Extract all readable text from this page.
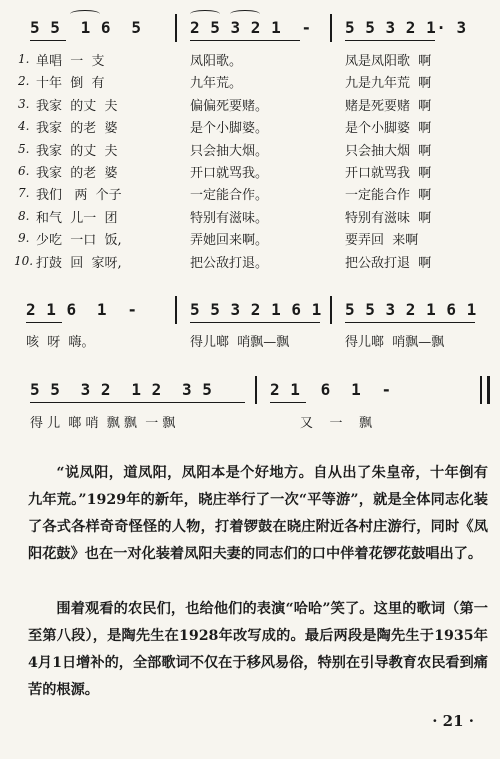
5 5  1 6  5	2 5 3 2 1  - 5 5 3 2 1· 3
1. 单唱  一  支	凤阳歌。	凤是凤阳歌  啊
2. 十年  倒  有	九年荒。	九是九年荒  啊
3. 我家  的丈  夫	偏偏死要赌。	赌是死要赌  啊
4. 我家  的老  婆	是个小脚婆。	是个小脚婆  啊
5. 我家  的丈  夫	只会抽大烟。	只会抽大烟  啊
6. 我家  的老  婆	开口就骂我。	开口就骂我  啊
7. 我们   两  个子	一定能合作。	一定能合作  啊
8. 和气  儿一  团	特别有滋味。	特别有滋味  啊
9. 少吃  一口  饭,	弄她回来啊。	要弄回  来啊
10. 打鼓  回  家呀,	把公敌打退。	把公敌打退  啊
2 1 6  1  -	5 5 3 2 1 6 1 5 5 3 2 1 6 1
咳  呀  嗨。	得儿啷  哨飘—飘	得儿啷  哨飘—飘
5 5  3 2  1 2  3 5	2 1  6  1  -
得 儿  啷 哨  飘 飘  一 飘	又    一    飘
“说凤阳，道凤阳，凤阳本是个好地方。自从出了朱皇帝，十年倒有九年荒。”1929年的新年，晓庄举行了一次“平等游”，就是全体同志化装了各式各样奇奇怪怪的人物，打着锣鼓在晓庄附近各村庄游行，同时《凤阳花鼓》也在一对化装着凤阳夫妻的同志们的口中伴着花锣花鼓唱出了。
围着观看的农民们，也给他们的表演“哈哈”笑了。这里的歌词（第一至第八段），是陶先生在1928年改写成的。最后两段是陶先生于1935年4月1日增补的，全部歌词不仅在于移风易俗，特别在引导教育农民看到痛苦的根源。
· 21 ·
